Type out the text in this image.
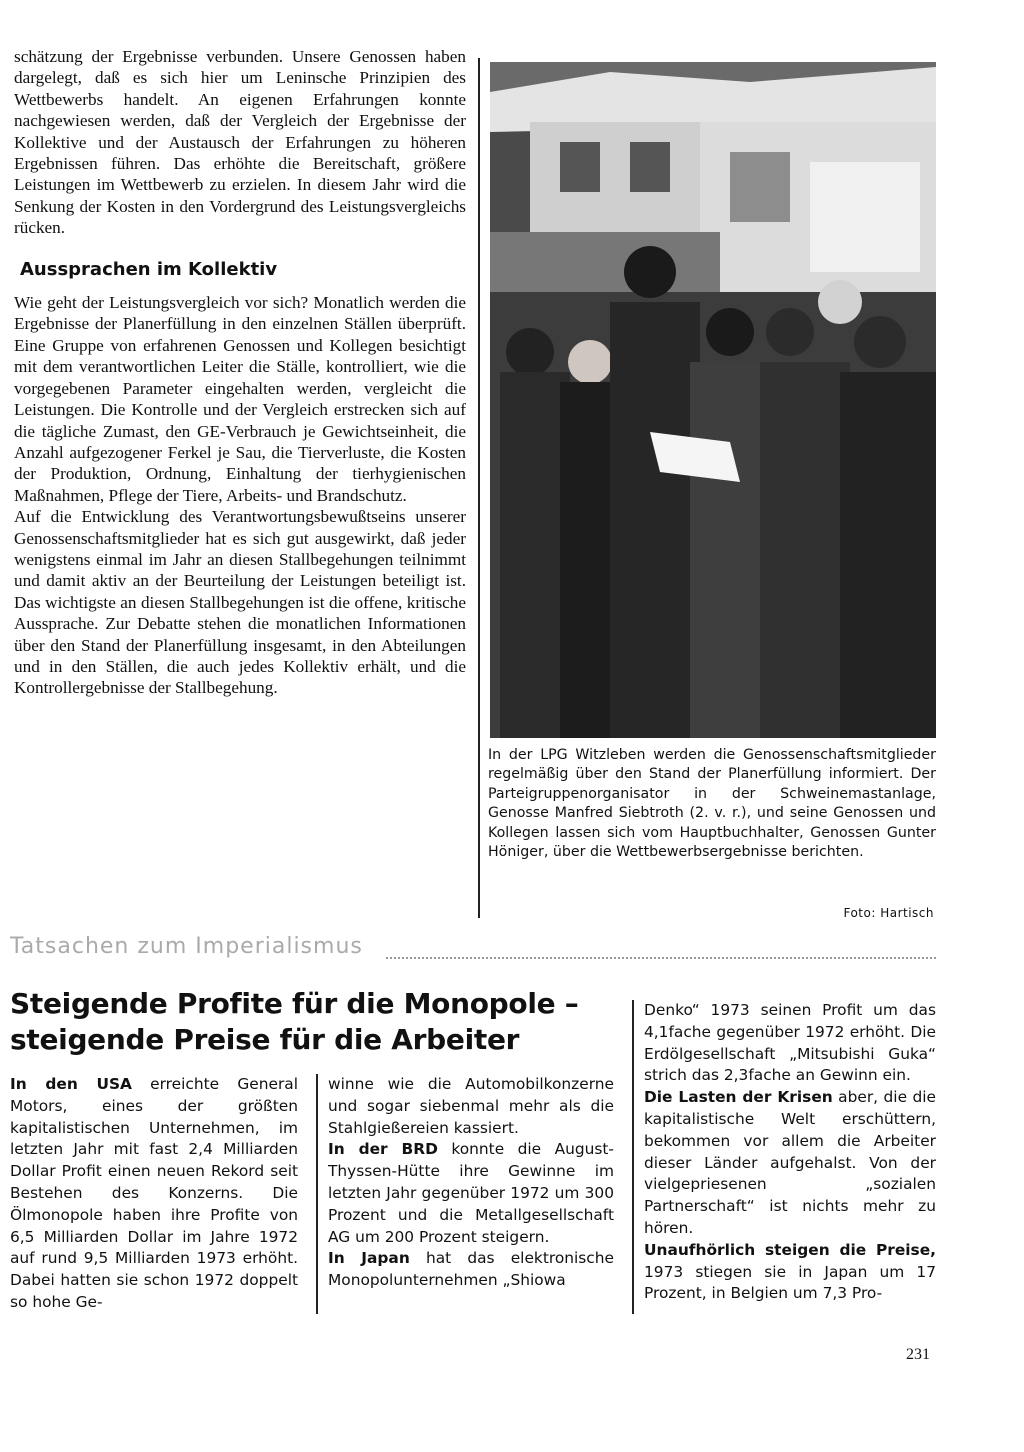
schätzung der Ergebnisse verbunden. Unsere Genossen haben dargelegt, daß es sich hier um Leninsche Prinzipien des Wettbewerbs handelt. An eigenen Erfahrungen konnte nachgewiesen werden, daß der Vergleich der Ergebnisse der Kollektive und der Austausch der Erfahrungen zu höheren Ergebnissen führen. Das erhöhte die Bereitschaft, größere Leistungen im Wettbewerb zu erzielen. In diesem Jahr wird die Senkung der Kosten in den Vordergrund des Leistungsvergleichs rücken.

Aussprachen im Kollektiv

Wie geht der Leistungsvergleich vor sich? Monatlich werden die Ergebnisse der Planerfüllung in den einzelnen Ställen überprüft. Eine Gruppe von erfahrenen Genossen und Kollegen besichtigt mit dem verantwortlichen Leiter die Ställe, kontrolliert, wie die vorgegebenen Parameter eingehalten werden, vergleicht die Leistungen. Die Kontrolle und der Vergleich erstrecken sich auf die tägliche Zumast, den GE-Verbrauch je Gewichtseinheit, die Anzahl aufgezogener Ferkel je Sau, die Tierverluste, die Kosten der Produktion, Ordnung, Einhaltung der tierhygienischen Maßnahmen, Pflege der Tiere, Arbeits- und Brandschutz.

Auf die Entwicklung des Verantwortungsbewußtseins unserer Genossenschaftsmitglieder hat es sich gut ausgewirkt, daß jeder wenigstens einmal im Jahr an diesen Stallbegehungen teilnimmt und damit aktiv an der Beurteilung der Leistungen beteiligt ist. Das wichtigste an diesen Stallbegehungen ist die offene, kritische Aussprache. Zur Debatte stehen die monatlichen Informationen über den Stand der Planerfüllung insgesamt, in den Abteilungen und in den Ställen, die auch jedes Kollektiv erhält, und die Kontrollergebnisse der Stallbegehung.

In der LPG Witzleben werden die Genossenschaftsmitglieder regelmäßig über den Stand der Planerfüllung informiert. Der Parteigruppenorganisator in der Schweinemastanlage, Genosse Manfred Siebtroth (2. v. r.), und seine Genossen und Kollegen lassen sich vom Hauptbuchhalter, Genossen Gunter Höniger, über die Wettbewerbsergebnisse berichten.

Foto: Hartisch
Tatsachen zum Imperialismus
Steigende Profite für die Monopole –
steigende Preise für die Arbeiter

In den USA erreichte General Motors, eines der größten kapitalistischen Unternehmen, im letzten Jahr mit fast 2,4 Milliarden Dollar Profit einen neuen Rekord seit Bestehen des Konzerns. Die Ölmonopole haben ihre Profite von 6,5 Milliarden Dollar im Jahre 1972 auf rund 9,5 Milliarden 1973 erhöht. Dabei hatten sie schon 1972 doppelt so hohe Ge-

winne wie die Automobilkonzerne und sogar siebenmal mehr als die Stahlgießereien kassiert.

In der BRD konnte die August-Thyssen-Hütte ihre Gewinne im letzten Jahr gegenüber 1972 um 300 Prozent und die Metallgesellschaft AG um 200 Prozent steigern.

In Japan hat das elektronische Monopolunternehmen „Shiowa

Denko“ 1973 seinen Profit um das 4,1fache gegenüber 1972 erhöht. Die Erdölgesellschaft „Mitsubishi Guka“ strich das 2,3fache an Gewinn ein.

Die Lasten der Krisen aber, die die kapitalistische Welt erschüttern, bekommen vor allem die Arbeiter dieser Länder aufgehalst. Von der vielgepriesenen „sozialen Partnerschaft“ ist nichts mehr zu hören.

Unaufhörlich steigen die Preise, 1973 stiegen sie in Japan um 17 Prozent, in Belgien um 7,3 Pro-

231
